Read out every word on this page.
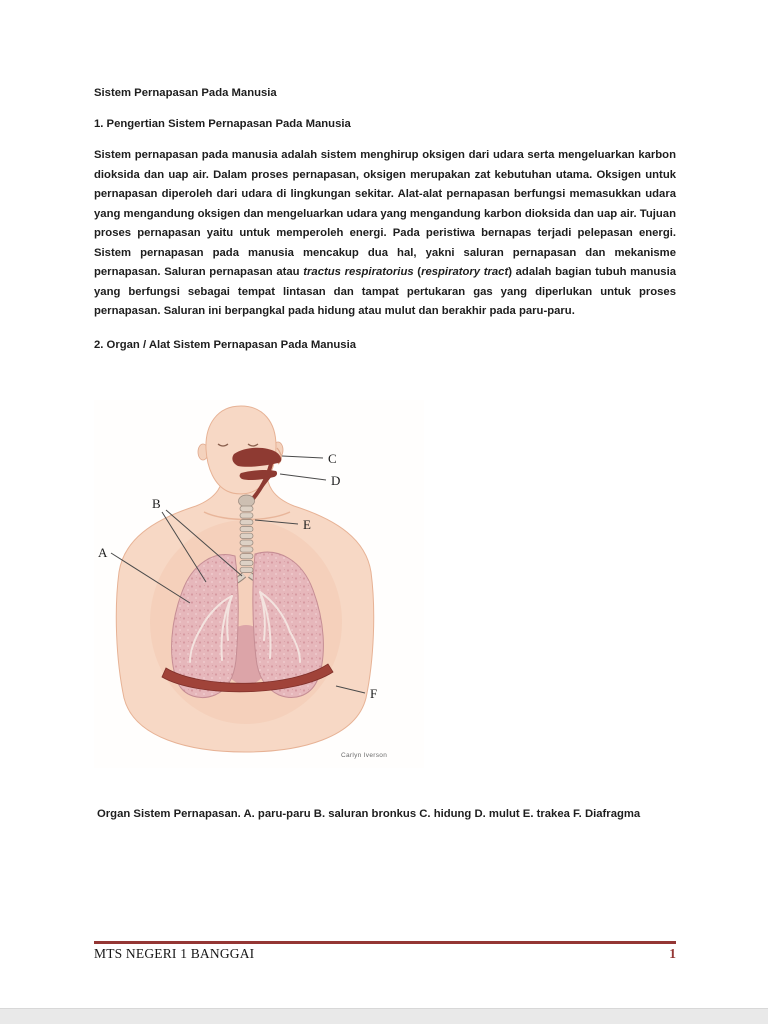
Sistem Pernapasan Pada Manusia

1. Pengertian Sistem Pernapasan Pada Manusia

Sistem pernapasan pada manusia adalah sistem menghirup oksigen dari udara serta mengeluarkan karbon dioksida dan uap air. Dalam proses pernapasan, oksigen merupakan zat kebutuhan utama. Oksigen untuk pernapasan diperoleh dari udara di lingkungan sekitar. Alat-alat pernapasan berfungsi memasukkan udara yang mengandung oksigen dan mengeluarkan udara yang mengandung karbon dioksida dan uap air. Tujuan proses pernapasan yaitu untuk memperoleh energi. Pada peristiwa bernapas terjadi pelepasan energi. Sistem pernapasan pada manusia mencakup dua hal, yakni saluran pernapasan dan mekanisme pernapasan. Saluran pernapasan atau tractus respiratorius (respiratory tract) adalah bagian tubuh manusia yang berfungsi sebagai tempat lintasan dan tampat pertukaran gas yang diperlukan untuk proses pernapasan. Saluran ini berpangkal pada hidung atau mulut dan berakhir pada paru-paru.

2. Organ / Alat Sistem Pernapasan Pada Manusia

A
B
C
D
E
F
Carlyn Iverson

Organ Sistem Pernapasan. A. paru-paru B. saluran bronkus C. hidung D. mulut E. trakea F. Diafragma

MTS NEGERI 1 BANGGAI	1
